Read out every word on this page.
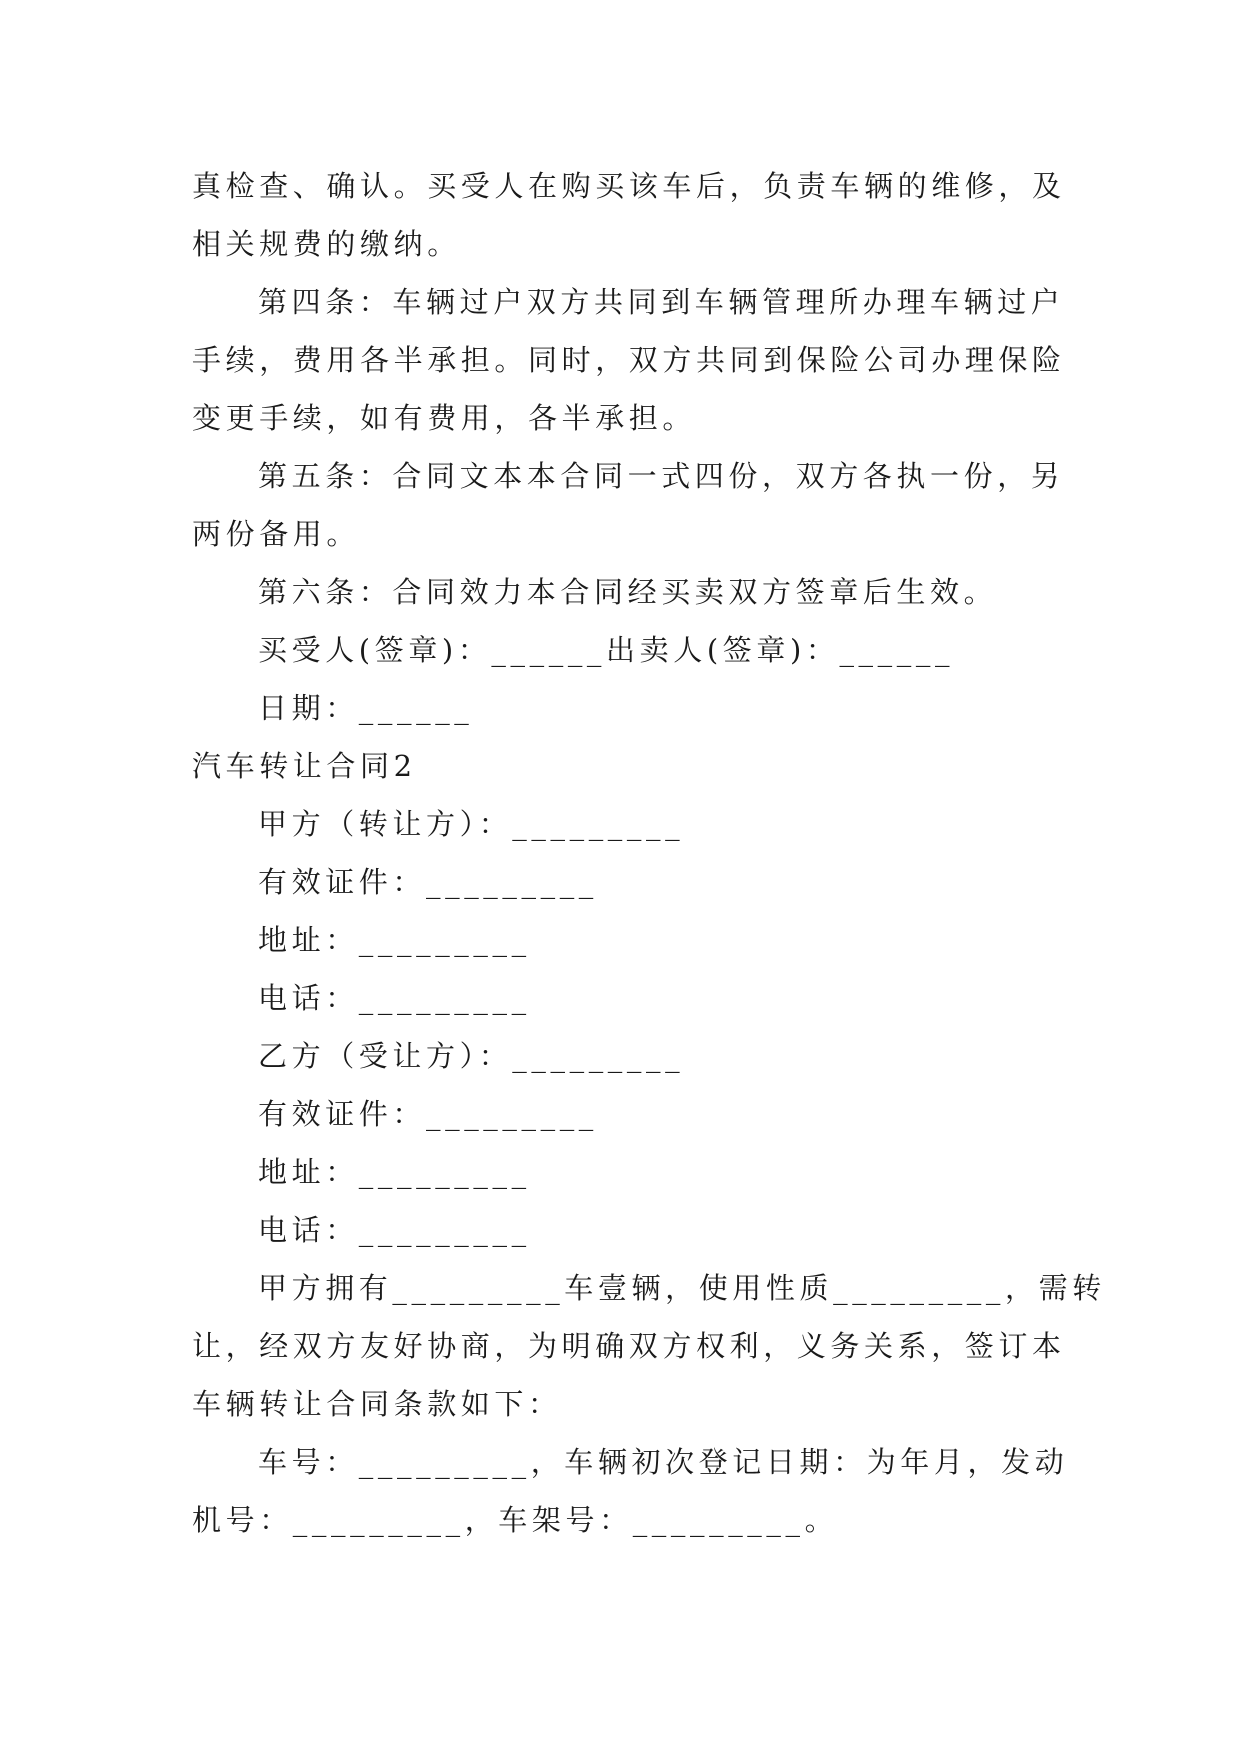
真检查、确认。买受人在购买该车后，负责车辆的维修，及
相关规费的缴纳。
第四条：车辆过户双方共同到车辆管理所办理车辆过户
手续，费用各半承担。同时，双方共同到保险公司办理保险
变更手续，如有费用，各半承担。
第五条：合同文本本合同一式四份，双方各执一份，另
两份备用。
第六条：合同效力本合同经买卖双方签章后生效。
买受人(签章)：______出卖人(签章)：______
日期：______
汽车转让合同2
甲方（转让方）：_________
有效证件：_________
地址：_________
电话：_________
乙方（受让方）：_________
有效证件：_________
地址：_________
电话：_________
甲方拥有_________车壹辆，使用性质_________，需转
让，经双方友好协商，为明确双方权利，义务关系，签订本
车辆转让合同条款如下：
车号：_________，车辆初次登记日期：为年月，发动
机号：_________，车架号：_________。
